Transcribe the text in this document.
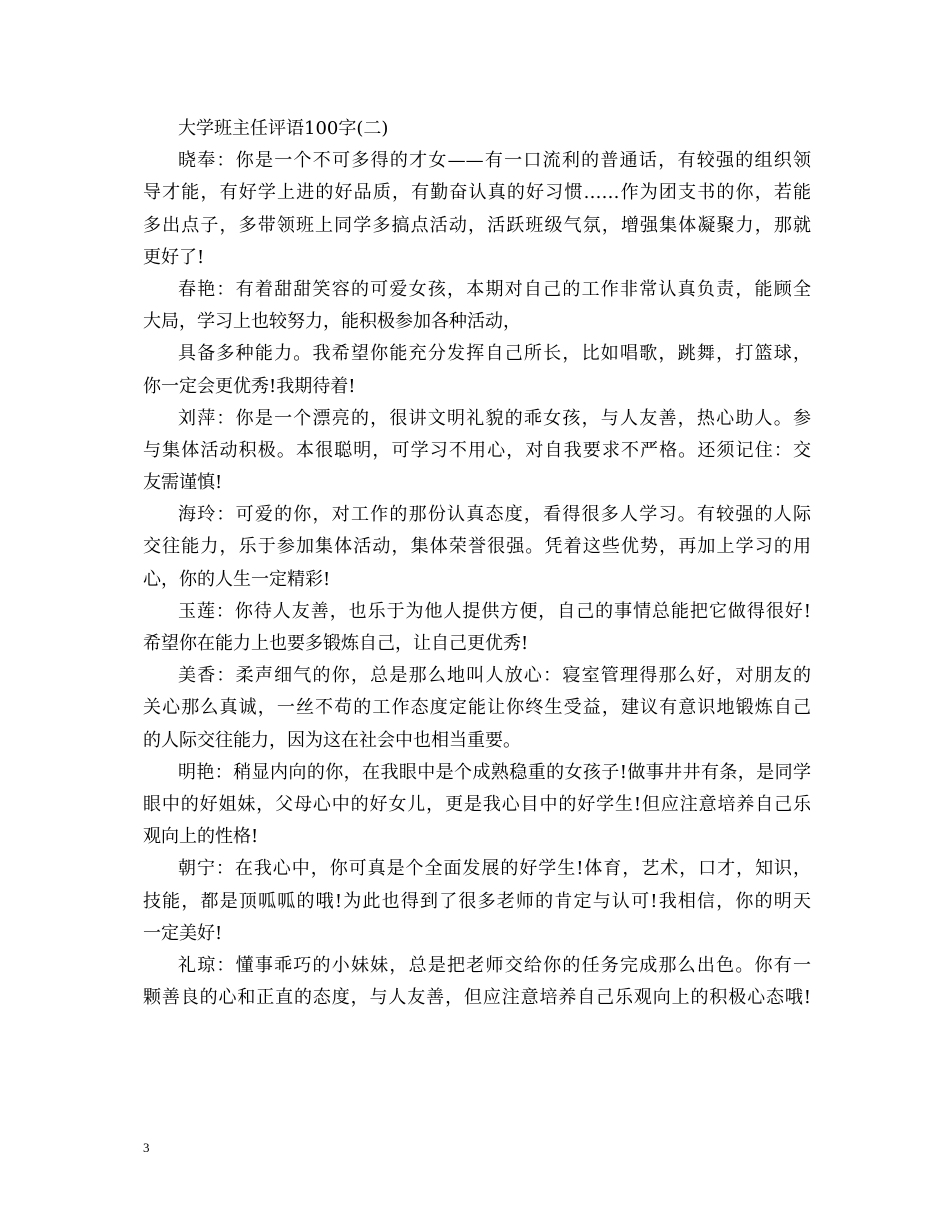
大学班主任评语100字(二)
晓奉：你是一个不可多得的才女——有一口流利的普通话，有较强的组织领
导才能，有好学上进的好品质，有勤奋认真的好习惯……作为团支书的你，若能
多出点子，多带领班上同学多搞点活动，活跃班级气氛，增强集体凝聚力，那就
更好了!
春艳：有着甜甜笑容的可爱女孩，本期对自己的工作非常认真负责，能顾全
大局，学习上也较努力，能积极参加各种活动，
具备多种能力。我希望你能充分发挥自己所长，比如唱歌，跳舞，打篮球，
你一定会更优秀!我期待着!
刘萍：你是一个漂亮的，很讲文明礼貌的乖女孩，与人友善，热心助人。参
与集体活动积极。本很聪明，可学习不用心，对自我要求不严格。还须记住：交
友需谨慎!
海玲：可爱的你，对工作的那份认真态度，看得很多人学习。有较强的人际
交往能力，乐于参加集体活动，集体荣誉很强。凭着这些优势，再加上学习的用
心，你的人生一定精彩!
玉莲：你待人友善，也乐于为他人提供方便，自己的事情总能把它做得很好!
希望你在能力上也要多锻炼自己，让自己更优秀!
美香：柔声细气的你，总是那么地叫人放心：寝室管理得那么好，对朋友的
关心那么真诚，一丝不苟的工作态度定能让你终生受益，建议有意识地锻炼自己
的人际交往能力，因为这在社会中也相当重要。
明艳：稍显内向的你，在我眼中是个成熟稳重的女孩子!做事井井有条，是同学
眼中的好姐妹，父母心中的好女儿，更是我心目中的好学生!但应注意培养自己乐
观向上的性格!
朝宁：在我心中，你可真是个全面发展的好学生!体育，艺术，口才，知识，
技能，都是顶呱呱的哦!为此也得到了很多老师的肯定与认可!我相信，你的明天
一定美好!
礼琼：懂事乖巧的小妹妹，总是把老师交给你的任务完成那么出色。你有一
颗善良的心和正直的态度，与人友善，但应注意培养自己乐观向上的积极心态哦!
3
